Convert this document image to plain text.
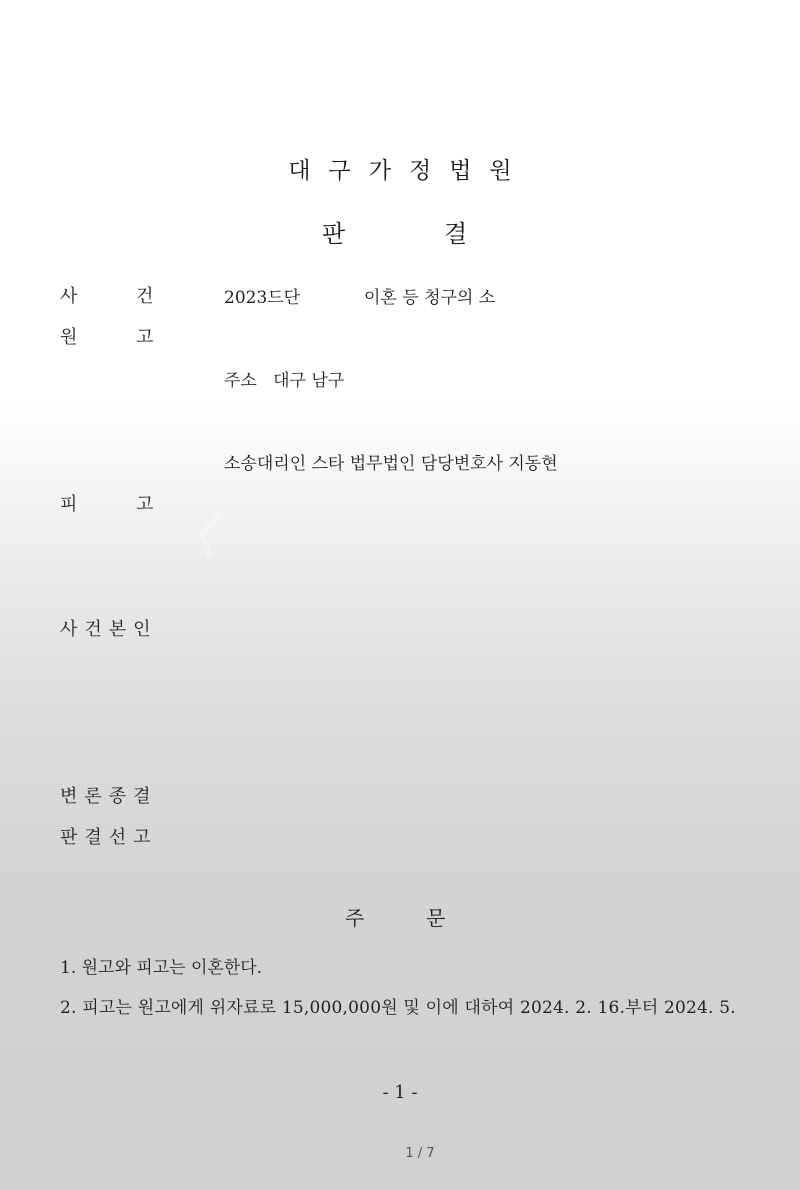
대구가정법원
판	결
사	건	2023드단	이혼 등 청구의 소
원	고
주소 대구 남구
소송대리인 스타 법무법인 담당변호사 지동현
피	고
사건본인
변론종결
판결선고
주	문
1. 원고와 피고는 이혼한다.
2. 피고는 원고에게 위자료로 15,000,000원 및 이에 대하여 2024. 2. 16.부터 2024. 5.
- 1 -
1 / 7
